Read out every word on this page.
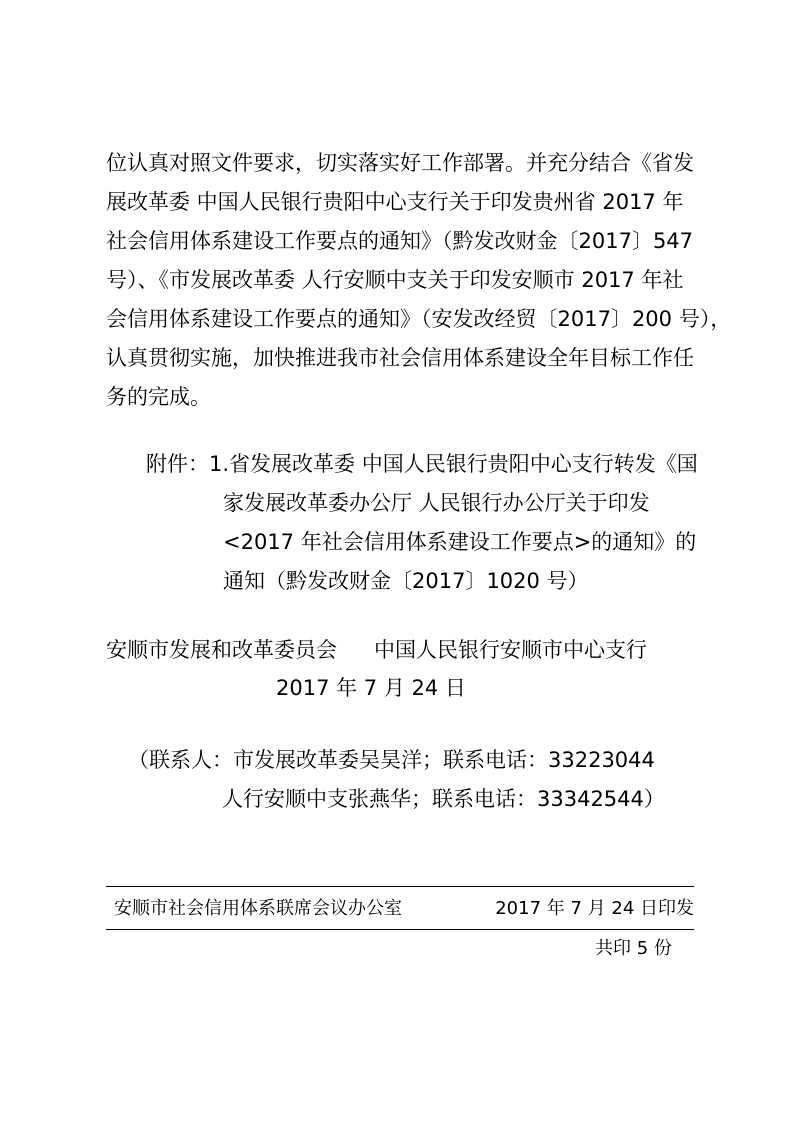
位认真对照文件要求，切实落实好工作部署。并充分结合《省发
展改革委 中国人民银行贵阳中心支行关于印发贵州省 2017 年
社会信用体系建设工作要点的通知》（黔发改财金〔2017〕547
号）、《市发展改革委 人行安顺中支关于印发安顺市 2017 年社
会信用体系建设工作要点的通知》（安发改经贸〔2017〕200 号），
认真贯彻实施，加快推进我市社会信用体系建设全年目标工作任
务的完成。
附件：1.省发展改革委 中国人民银行贵阳中心支行转发《国
家发展改革委办公厅 人民银行办公厅关于印发
<2017 年社会信用体系建设工作要点>的通知》的
通知（黔发改财金〔2017〕1020 号）
安顺市发展和改革委员会 中国人民银行安顺市中心支行
2017 年 7 月 24 日
（联系人：市发展改革委吴昊洋；联系电话：33223044
人行安顺中支张燕华；联系电话：33342544）
安顺市社会信用体系联席会议办公室	2017 年 7 月 24 日印发
共印 5 份
